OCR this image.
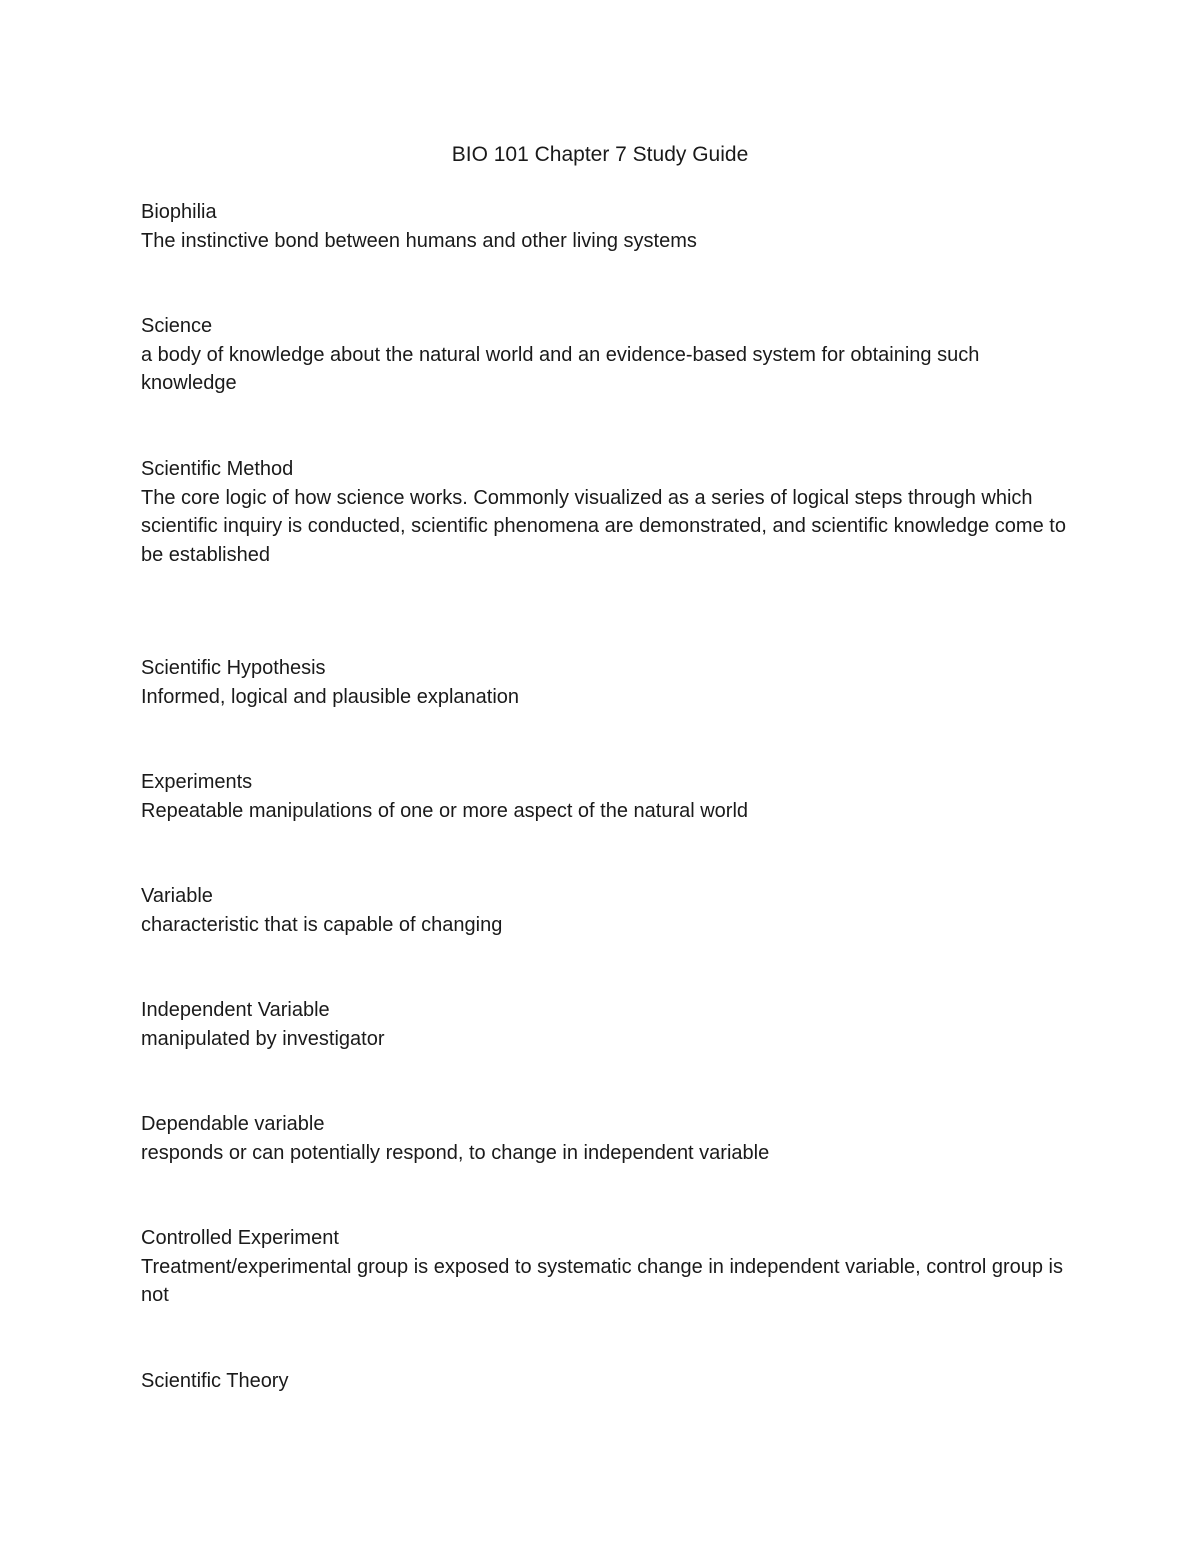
BIO 101 Chapter 7 Study Guide
Biophilia
The instinctive bond between humans and other living systems
Science
a body of knowledge about the natural world and an evidence-based system for obtaining such knowledge
Scientific Method
The core logic of how science works. Commonly visualized as a series of logical steps through which scientific inquiry is conducted, scientific phenomena are demonstrated, and scientific knowledge come to be established
Scientific Hypothesis
Informed, logical and plausible explanation
Experiments
Repeatable manipulations of one or more aspect of the natural world
Variable
characteristic that is capable of changing
Independent Variable
manipulated by investigator
Dependable variable
responds or can potentially respond, to change in independent variable
Controlled Experiment
Treatment/experimental group is exposed to systematic change in independent variable, control group is not
Scientific Theory
